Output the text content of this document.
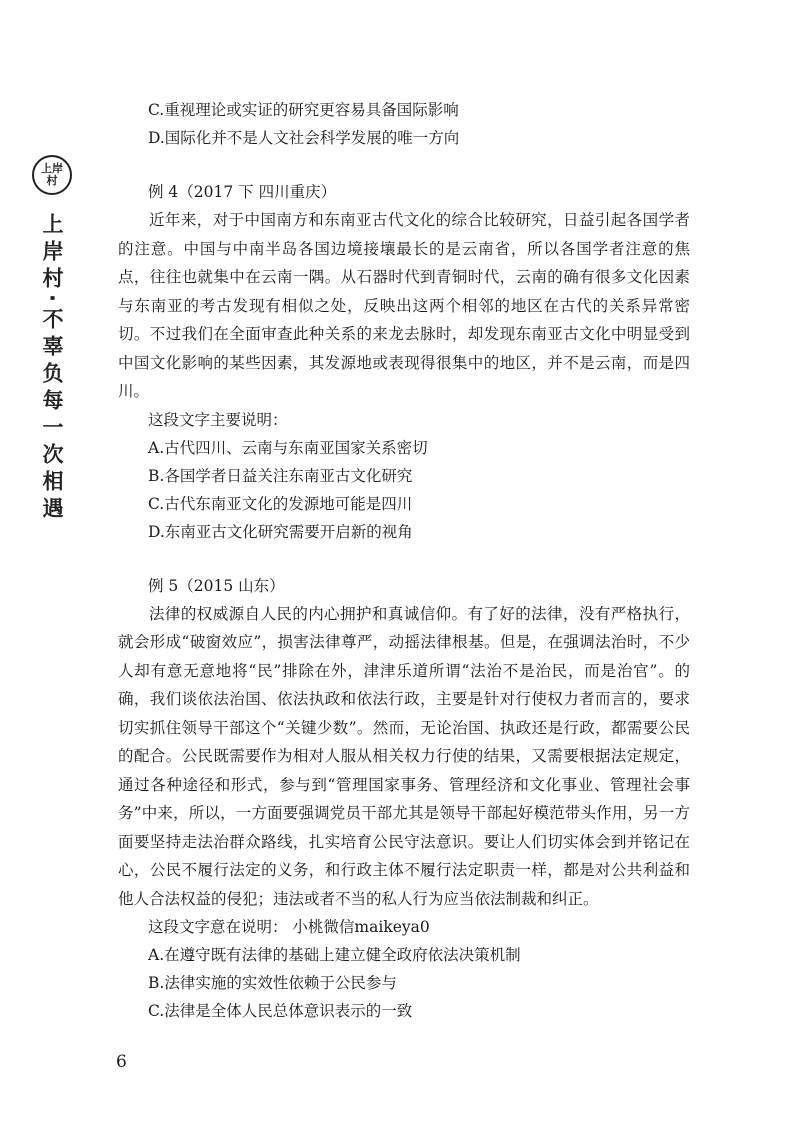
上岸
村
上岸村·不辜负每一次相遇

C.重视理论或实证的研究更容易具备国际影响

D.国际化并不是人文社会科学发展的唯一方向

例 4（2017 下 四川重庆）

近年来，对于中国南方和东南亚古代文化的综合比较研究，日益引起各国学者的注意。中国与中南半岛各国边境接壤最长的是云南省，所以各国学者注意的焦点，往往也就集中在云南一隅。从石器时代到青铜时代，云南的确有很多文化因素与东南亚的考古发现有相似之处，反映出这两个相邻的地区在古代的关系异常密切。不过我们在全面审查此种关系的来龙去脉时，却发现东南亚古文化中明显受到中国文化影响的某些因素，其发源地或表现得很集中的地区，并不是云南，而是四川。

这段文字主要说明：

A.古代四川、云南与东南亚国家关系密切

B.各国学者日益关注东南亚古文化研究

C.古代东南亚文化的发源地可能是四川

D.东南亚古文化研究需要开启新的视角

例 5（2015 山东）

法律的权威源自人民的内心拥护和真诚信仰。有了好的法律，没有严格执行，就会形成“破窗效应”，损害法律尊严，动摇法律根基。但是，在强调法治时，不少人却有意无意地将“民”排除在外，津津乐道所谓“法治不是治民，而是治官”。的确，我们谈依法治国、依法执政和依法行政，主要是针对行使权力者而言的，要求切实抓住领导干部这个“关键少数”。然而，无论治国、执政还是行政，都需要公民的配合。公民既需要作为相对人服从相关权力行使的结果，又需要根据法定规定，通过各种途径和形式，参与到“管理国家事务、管理经济和文化事业、管理社会事务”中来，所以，一方面要强调党员干部尤其是领导干部起好模范带头作用，另一方面要坚持走法治群众路线，扎实培育公民守法意识。要让人们切实体会到并铭记在心，公民不履行法定的义务，和行政主体不履行法定职责一样，都是对公共利益和他人合法权益的侵犯；违法或者不当的私人行为应当依法制裁和纠正。

这段文字意在说明： 小桃微信maikeya0

A.在遵守既有法律的基础上建立健全政府依法决策机制

B.法律实施的实效性依赖于公民参与

C.法律是全体人民总体意识表示的一致

6
